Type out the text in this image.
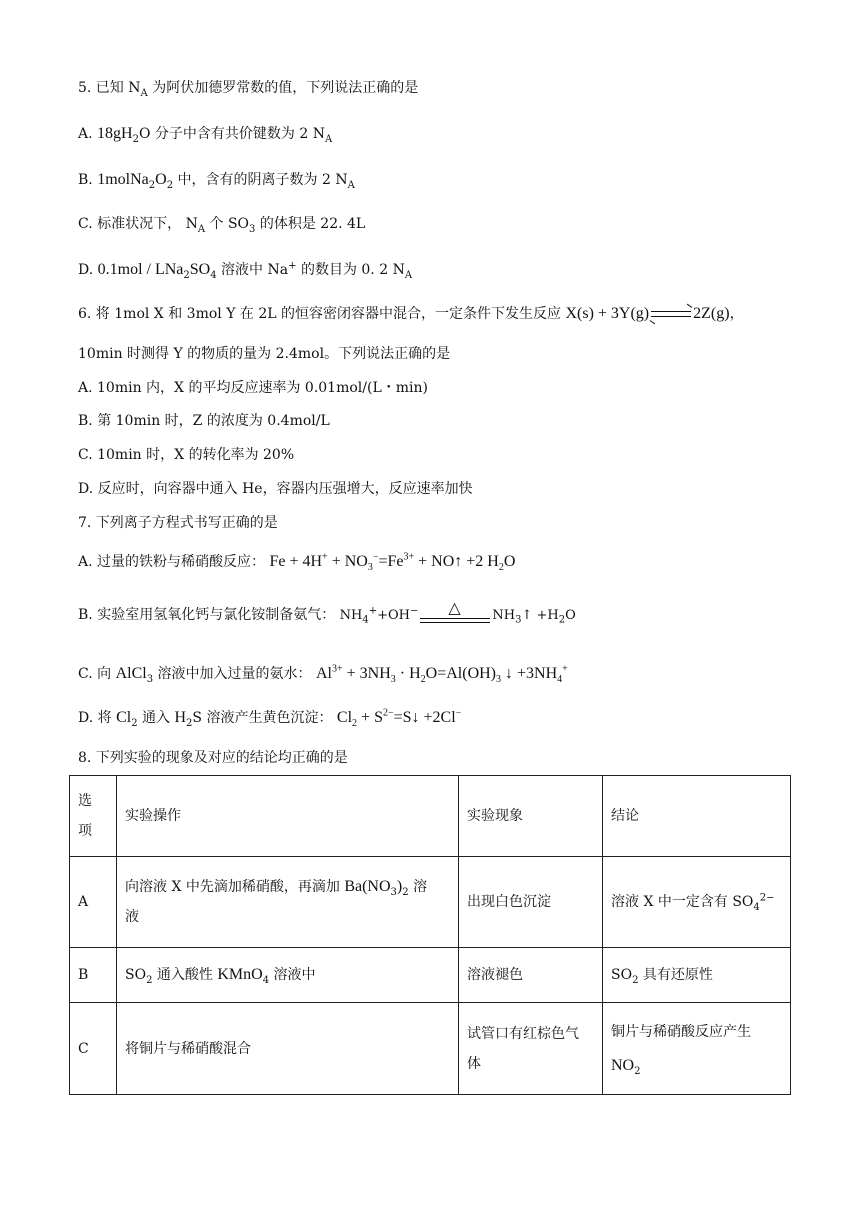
5. 已知 $N_A$ 为阿伏加德罗常数的值，下列说法正确的是
A. $18gH_2O$ 分子中含有共价键数为 2 $N_A$
B. $1molNa_2O_2$ 中，含有的阴离子数为 2 $N_A$
C. 标准状况下， $N_A$ 个 $SO_3$ 的体积是 22. 4L
D. $0.1mol / LNa_2SO_4$ 溶液中 Na+ 的数目为 0. 2 $N_A$
6. 将 1mol X 和 3mol Y 在 2L 的恒容密闭容器中混合，一定条件下发生反应 X(s) + 3Y(g) ⇌ 2Z(g)，
10min 时测得 Y 的物质的量为 2.4mol。下列说法正确的是
A. 10min 内，X 的平均反应速率为 0.01mol/(L・min)
B. 第 10min 时，Z 的浓度为 0.4mol/L
C. 10min 时，X 的转化率为 20%
D. 反应时，向容器中通入 He，容器内压强增大，反应速率加快
7. 下列离子方程式书写正确的是
A. 过量的铁粉与稀硝酸反应： $Fe + 4H^+ + NO_3^-=Fe^{3+}$ + NO↑ +2 $H_2O$
B. 实验室用氢氧化钙与氯化铵制备氨气： $NH_4^++OH^-$ △ $NH_3↑ +H_2O$
C. 向 AlCl$_3$ 溶液中加入过量的氨水： $Al^{3+} + 3NH_3 \cdot H_2O=Al(OH)_3$ ↓ $+3NH_4^+$
D. 将 $Cl_2$ 通入 $H_2S$ 溶液产生黄色沉淀： $Cl_2$ + $S^{2-}=S↓ +2Cl^-$
8. 下列实验的现象及对应的结论均正确的是
选项	实验操作	实验现象	结论
A	向溶液 X 中先滴加稀硝酸，再滴加 $Ba(NO_3)_2$ 溶
液	出现白色沉淀	溶液 X 中一定含有 $SO_4^{2-}$
B	$SO_2$ 通入酸性 KMnO$_4$ 溶液中	溶液褪色	$SO_2$ 具有还原性
C	将铜片与稀硝酸混合	试管口有红棕色气
体	铜片与稀硝酸反应产生
$NO_2$
